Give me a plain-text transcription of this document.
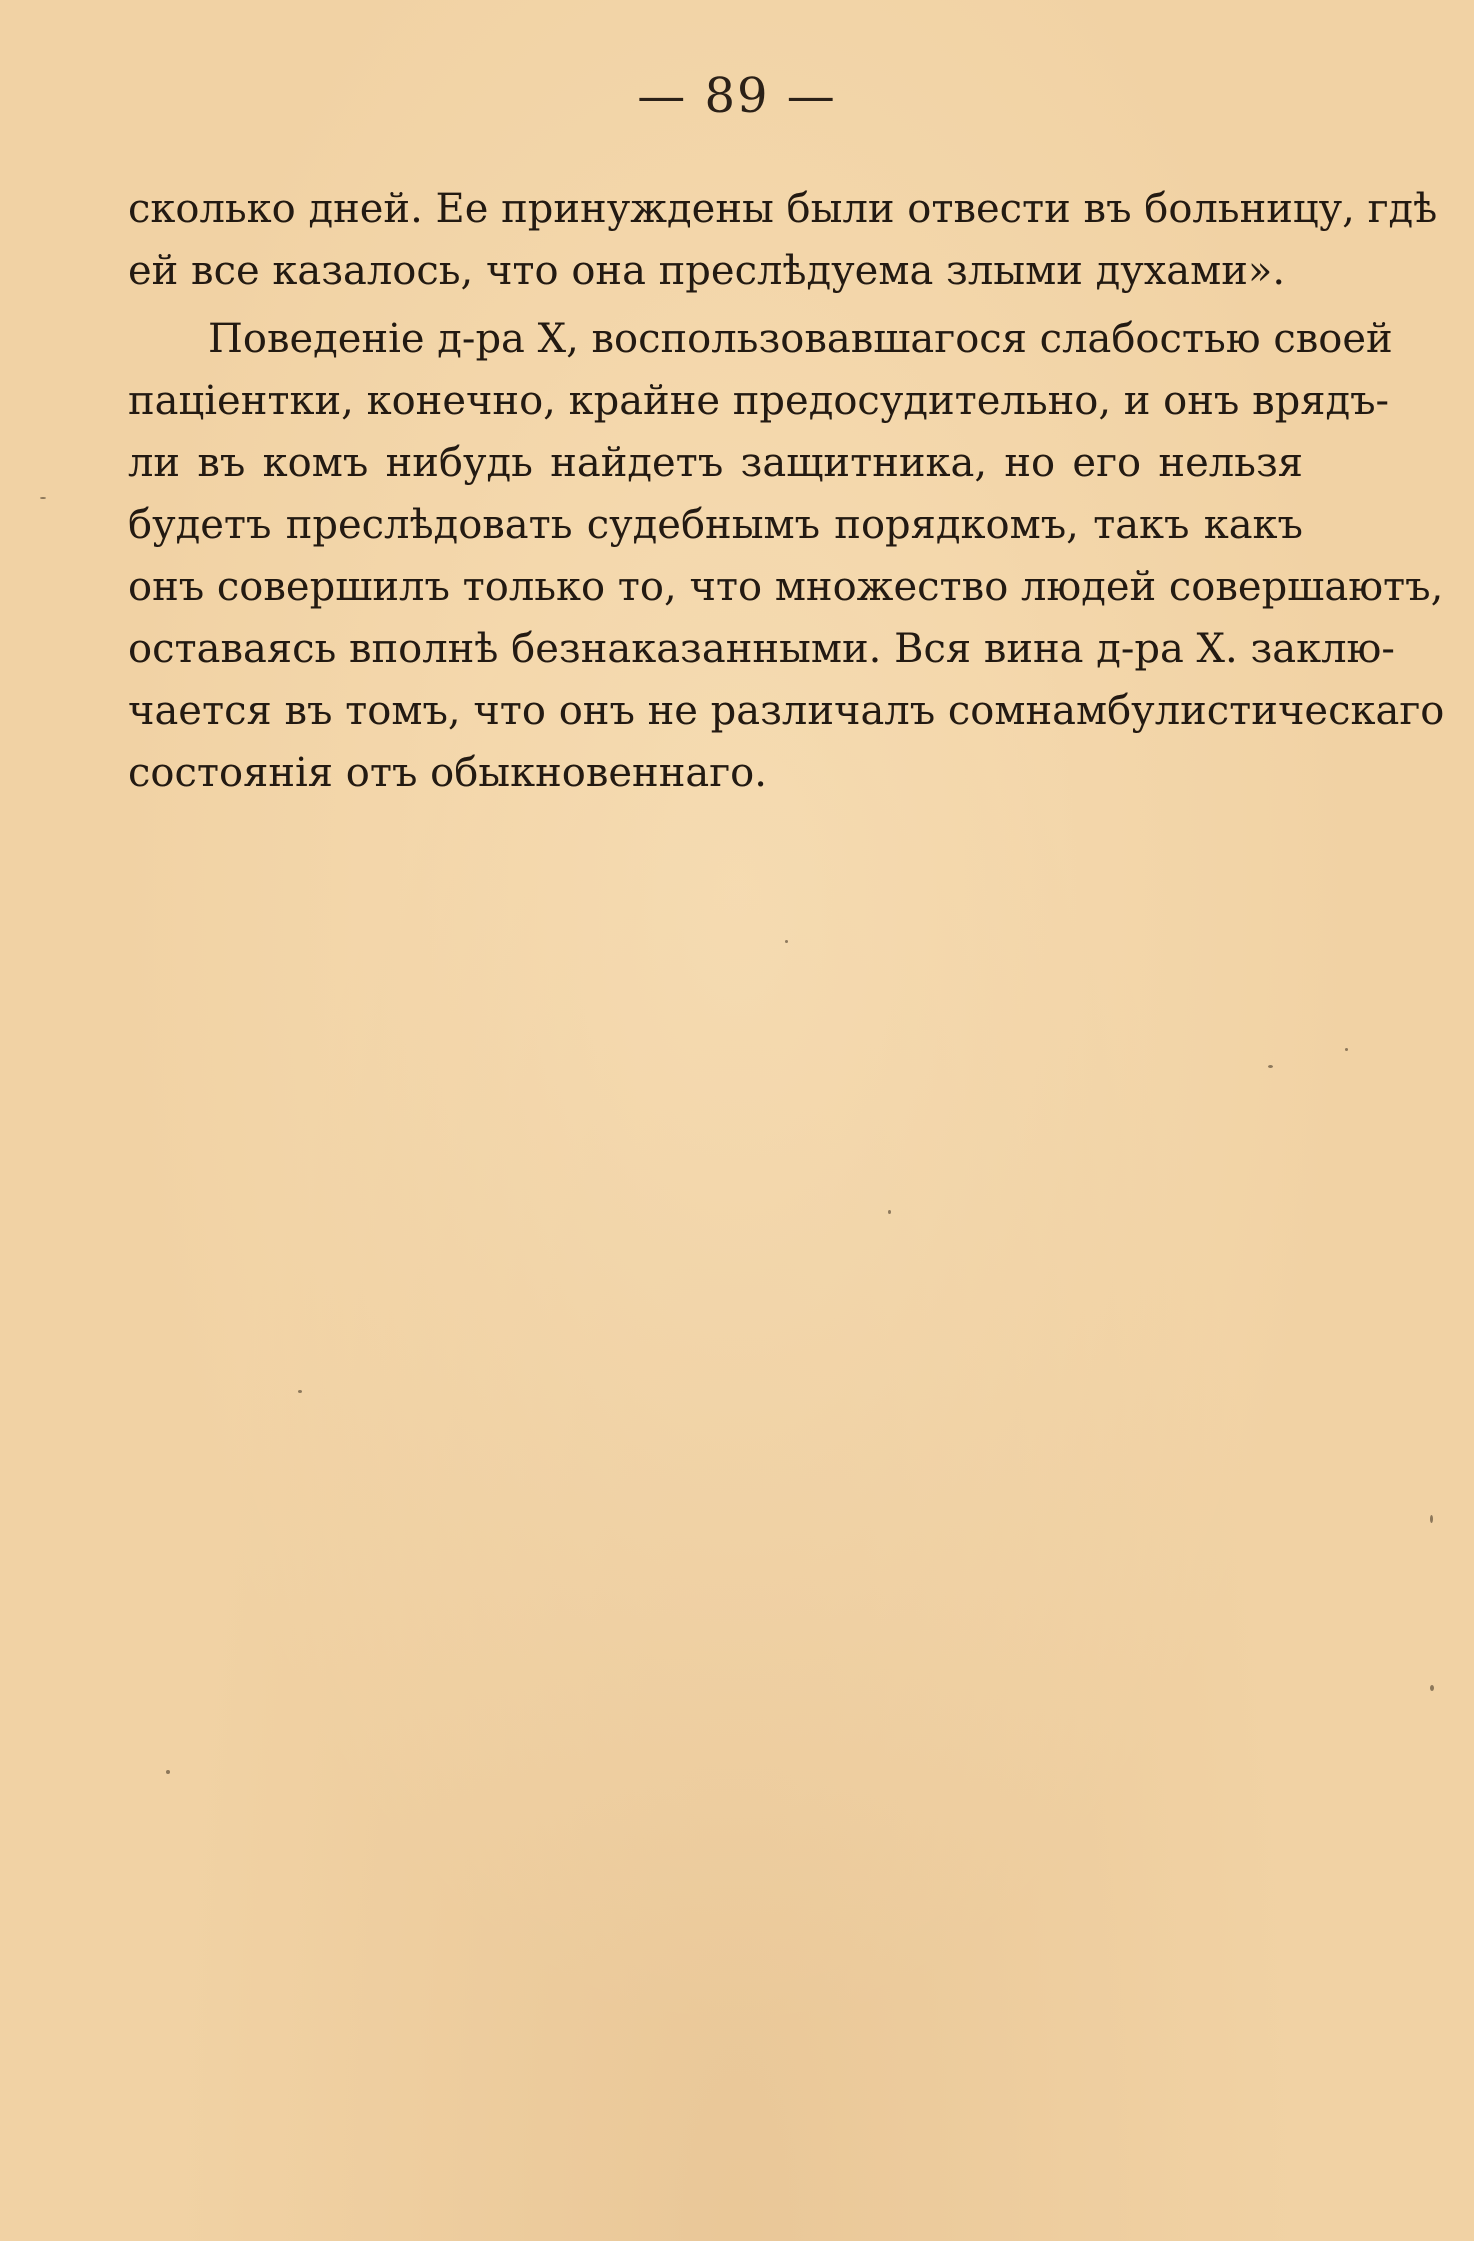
— 89 —
сколько дней. Ее принуждены были отвести въ больницу, гдѣ
ей все казалось, что она преслѣдуема злыми духами».
Поведеніе д-ра X, воспользовавшагося слабостью своей
паціентки, конечно, крайне предосудительно, и онъ врядъ-
ли въ комъ нибудь найдетъ защитника, но его нельзя
будетъ преслѣдовать судебнымъ порядкомъ, такъ какъ
онъ совершилъ только то, что множество людей совершаютъ,
оставаясь вполнѣ безнаказанными. Вся вина д-ра X. заклю-
чается въ томъ, что онъ не различалъ сомнамбулистическаго
состоянія отъ обыкновеннаго.
